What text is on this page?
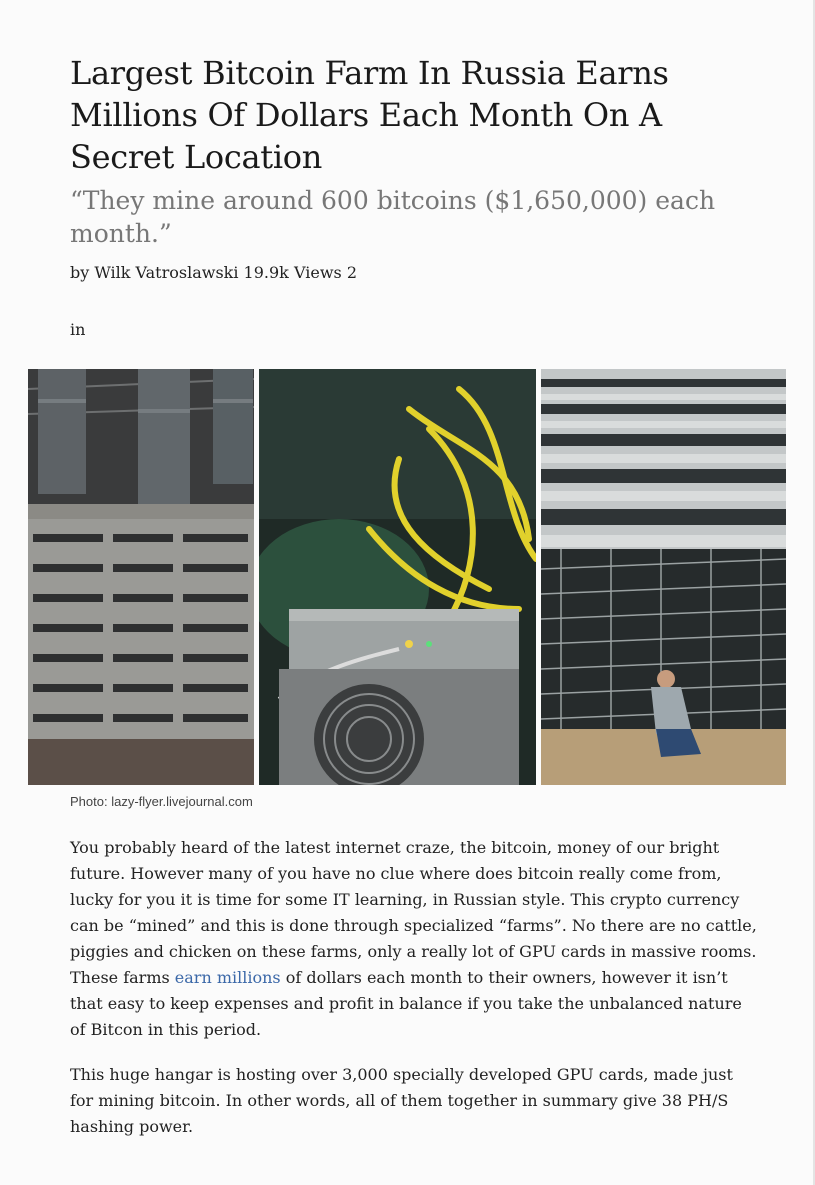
Largest Bitcoin Farm In Russia Earns Millions Of Dollars Each Month On A Secret Location
“They mine around 600 bitcoins ($1,650,000) each month.”
by Wilk Vatroslawski 19.9k Views 2
in
Photo: lazy-flyer.livejournal.com

You probably heard of the latest internet craze, the bitcoin, money of our bright future. However many of you have no clue where does bitcoin really come from, lucky for you it is time for some IT learning, in Russian style. This crypto currency can be “mined” and this is done through specialized “farms”. No there are no cattle, piggies and chicken on these farms, only a really lot of GPU cards in massive rooms. These farms earn millions of dollars each month to their owners, however it isn’t that easy to keep expenses and profit in balance if you take the unbalanced nature of Bitcon in this period.

This huge hangar is hosting over 3,000 specially developed GPU cards, made just for mining bitcoin. In other words, all of them together in summary give 38 PH/S hashing power.
